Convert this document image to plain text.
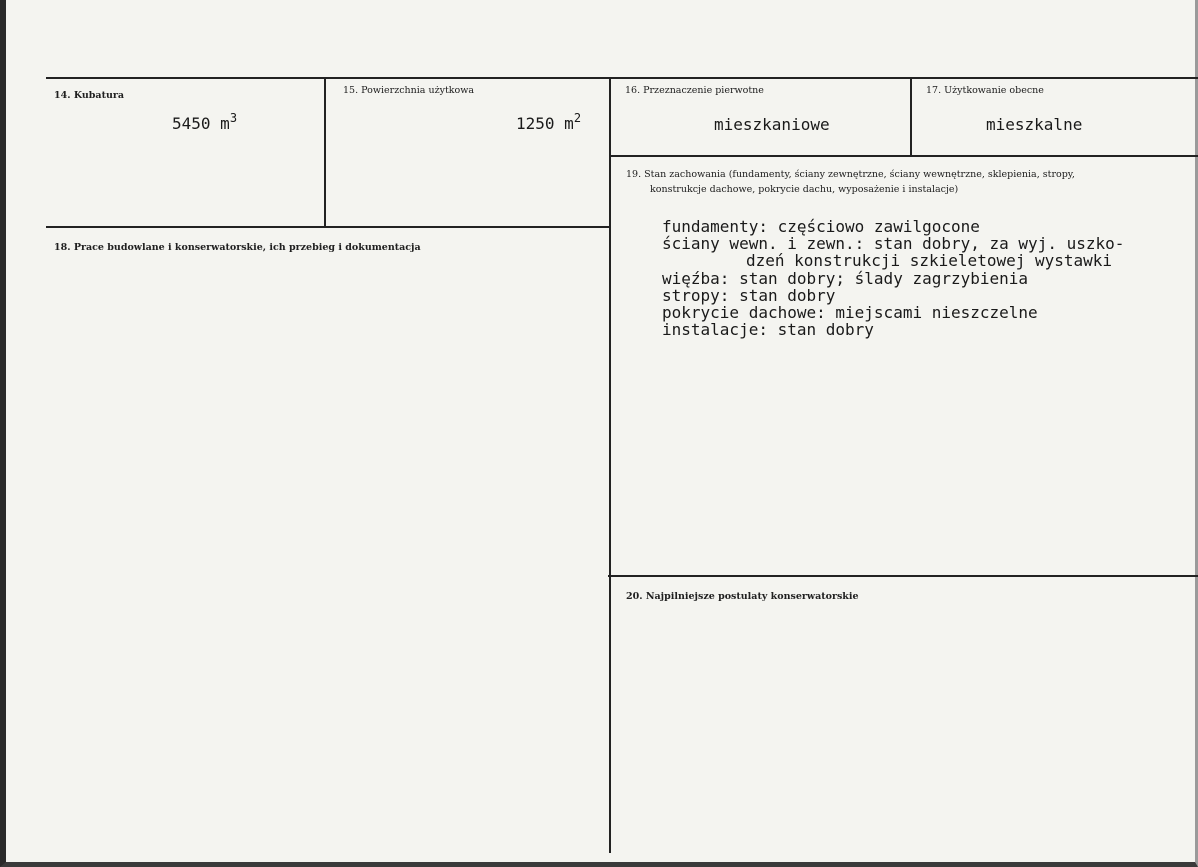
14. Kubatura
5450 $m^3$
15. Powierzchnia użytkowa
1250 $m^2$
16. Przeznaczenie pierwotne
mieszkaniowe
17. Użytkowanie obecne
mieszkalne
18. Prace budowlane i konserwatorskie, ich przebieg i dokumentacja
19. Stan zachowania (fundamenty, ściany zewnętrzne, ściany wewnętrzne, sklepienia, stropy,
konstrukcje dachowe, pokrycie dachu, wyposażenie i instalacje)
fundamenty: częściowo zawilgocone
ściany wewn. i zewn.: stan dobry, za wyj. uszko-
dzeń konstrukcji szkieletowej wystawki
więźba: stan dobry; ślady zagrzybienia
stropy: stan dobry
pokrycie dachowe: miejscami nieszczelne
instalacje: stan dobry
20. Najpilniejsze postulaty konserwatorskie
